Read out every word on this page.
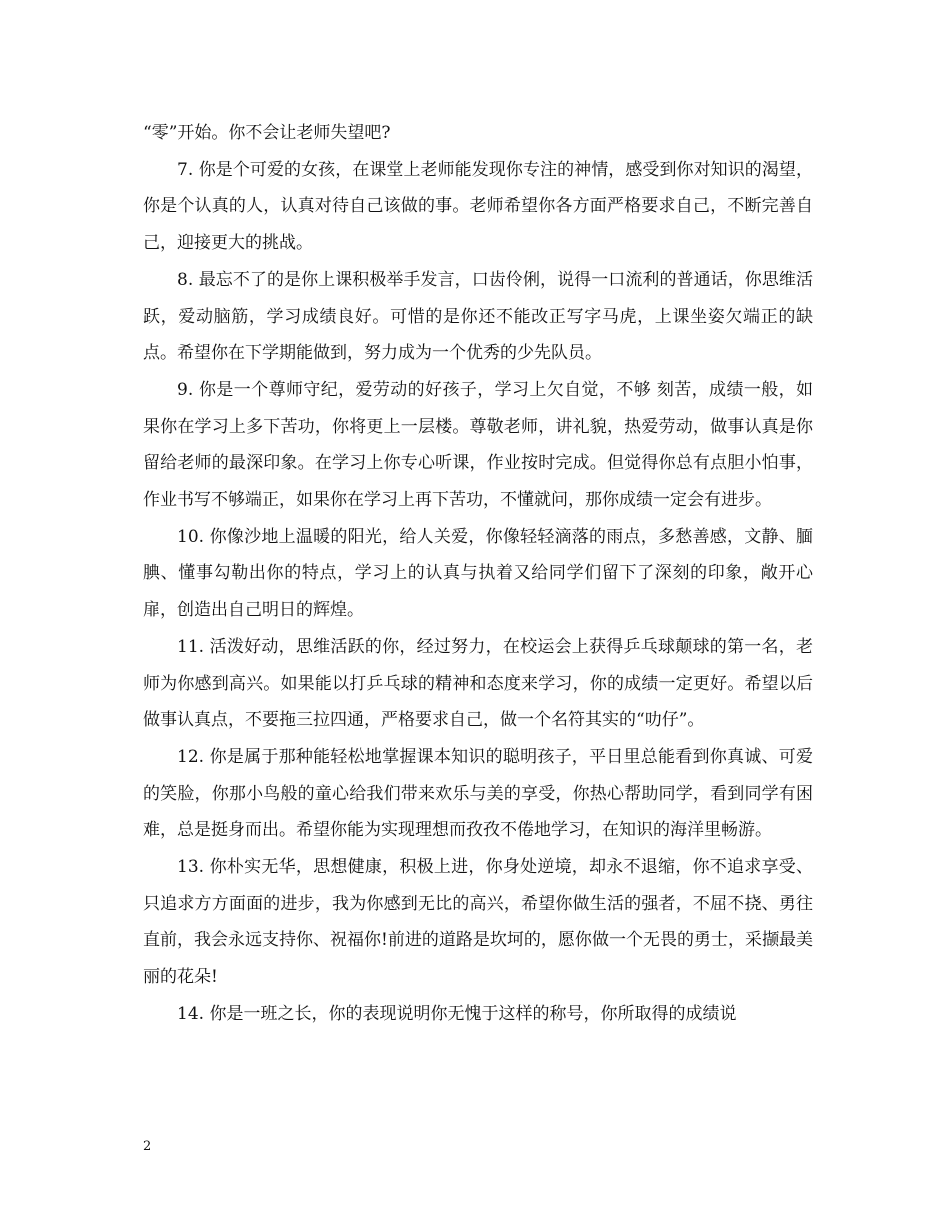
“零”开始。你不会让老师失望吧?

7. 你是个可爱的女孩，在课堂上老师能发现你专注的神情，感受到你对知识的渴望，你是个认真的人，认真对待自己该做的事。老师希望你各方面严格要求自己，不断完善自己，迎接更大的挑战。

8. 最忘不了的是你上课积极举手发言，口齿伶俐，说得一口流利的普通话，你思维活跃，爱动脑筋，学习成绩良好。可惜的是你还不能改正写字马虎，上课坐姿欠端正的缺点。希望你在下学期能做到，努力成为一个优秀的少先队员。

9. 你是一个尊师守纪，爱劳动的好孩子，学习上欠自觉，不够 刻苦，成绩一般，如果你在学习上多下苦功，你将更上一层楼。尊敬老师，讲礼貌，热爱劳动，做事认真是你留给老师的最深印象。在学习上你专心听课，作业按时完成。但觉得你总有点胆小怕事，作业书写不够端正，如果你在学习上再下苦功，不懂就问，那你成绩一定会有进步。

10. 你像沙地上温暖的阳光，给人关爱，你像轻轻滴落的雨点，多愁善感，文静、腼腆、懂事勾勒出你的特点，学习上的认真与执着又给同学们留下了深刻的印象，敞开心扉，创造出自己明日的辉煌。

11. 活泼好动，思维活跃的你，经过努力，在校运会上获得乒乓球颠球的第一名，老师为你感到高兴。如果能以打乒乓球的精神和态度来学习，你的成绩一定更好。希望以后做事认真点，不要拖三拉四通，严格要求自己，做一个名符其实的“叻仔”。

12. 你是属于那种能轻松地掌握课本知识的聪明孩子，平日里总能看到你真诚、可爱的笑脸，你那小鸟般的童心给我们带来欢乐与美的享受，你热心帮助同学，看到同学有困难，总是挺身而出。希望你能为实现理想而孜孜不倦地学习，在知识的海洋里畅游。

13. 你朴实无华，思想健康，积极上进，你身处逆境，却永不退缩，你不追求享受、只追求方方面面的进步，我为你感到无比的高兴，希望你做生活的强者，不屈不挠、勇往直前，我会永远支持你、祝福你!前进的道路是坎坷的，愿你做一个无畏的勇士，采撷最美丽的花朵!

14. 你是一班之长，你的表现说明你无愧于这样的称号，你所取得的成绩说

2
